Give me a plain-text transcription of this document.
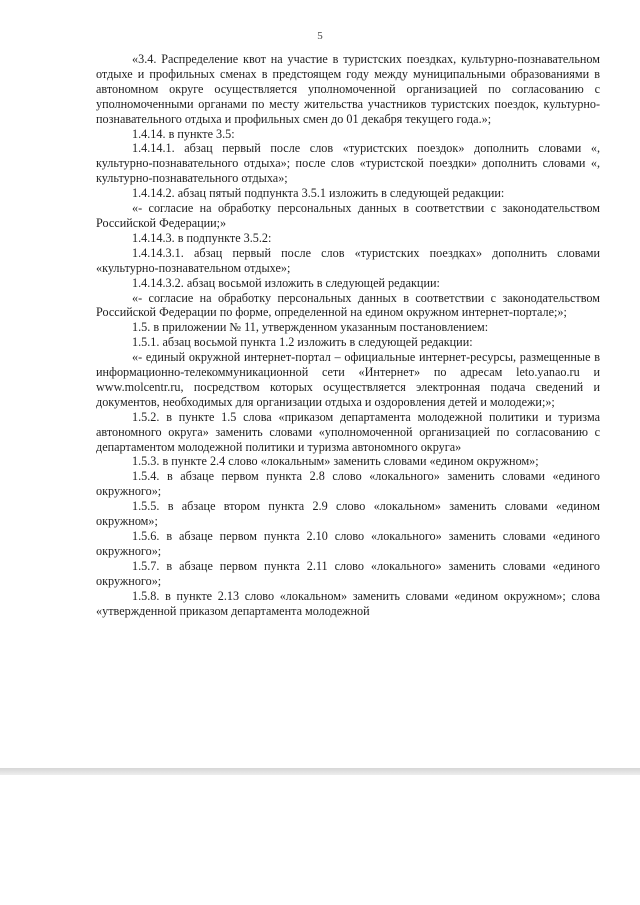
5

«3.4. Распределение квот на участие в туристских поездках, культурно-познавательном отдыхе и профильных сменах в предстоящем году между муниципальными образованиями в автономном округе осуществляется уполномоченной организацией по согласованию с уполномоченными органами по месту жительства участников туристских поездок, культурно-познавательного отдыха и профильных смен до 01 декабря текущего года.»;

1.4.14. в пункте 3.5:

1.4.14.1. абзац первый после слов «туристских поездок» дополнить словами «, культурно-познавательного отдыха»; после слов «туристской поездки» дополнить словами «, культурно-познавательного отдыха»;

1.4.14.2. абзац пятый подпункта 3.5.1 изложить в следующей редакции:

«- согласие на обработку персональных данных в соответствии с законодательством Российской Федерации;»

1.4.14.3. в подпункте 3.5.2:

1.4.14.3.1. абзац первый после слов «туристских поездках» дополнить словами «культурно-познавательном отдыхе»;

1.4.14.3.2. абзац восьмой изложить в следующей редакции:

«- согласие на обработку персональных данных в соответствии с законодательством Российской Федерации по форме, определенной на едином окружном интернет-портале;»;

1.5. в приложении № 11, утвержденном указанным постановлением:

1.5.1. абзац восьмой пункта 1.2 изложить в следующей редакции:

«- единый окружной интернет-портал – официальные интернет-ресурсы, размещенные в информационно-телекоммуникационной сети «Интернет» по адресам leto.yanao.ru и www.molcentr.ru, посредством которых осуществляется электронная подача сведений и документов, необходимых для организации отдыха и оздоровления детей и молодежи;»;

1.5.2. в пункте 1.5 слова «приказом департамента молодежной политики и туризма автономного округа» заменить словами «уполномоченной организацией по согласованию с департаментом молодежной политики и туризма автономного округа»

1.5.3. в пункте 2.4 слово «локальным» заменить словами «едином окружном»;

1.5.4. в абзаце первом пункта 2.8 слово «локального» заменить словами «единого окружного»;

1.5.5. в абзаце втором пункта 2.9 слово «локальном» заменить словами «едином окружном»;

1.5.6. в абзаце первом пункта 2.10 слово «локального» заменить словами «единого окружного»;

1.5.7. в абзаце первом пункта 2.11 слово «локального» заменить словами «единого окружного»;

1.5.8. в пункте 2.13 слово «локальном» заменить словами «едином окружном»; слова «утвержденной приказом департамента молодежной
